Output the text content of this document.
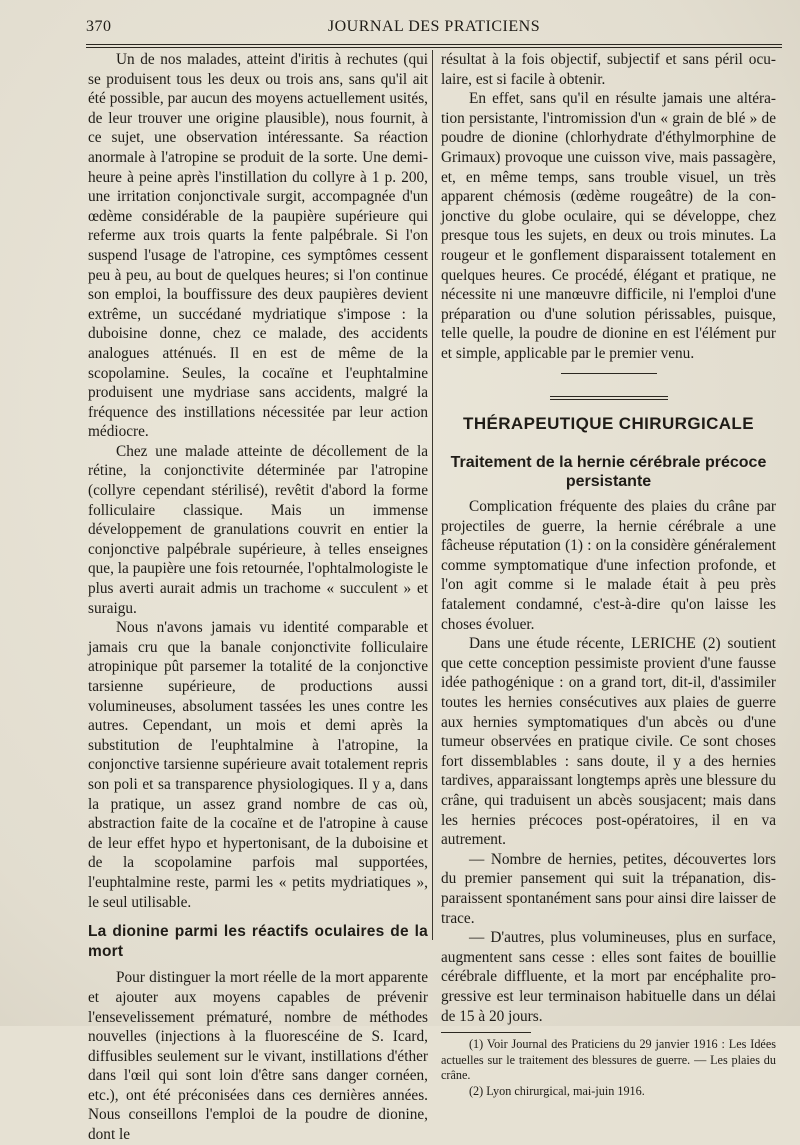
370	JOURNAL DES PRATICIENS

Un de nos malades, atteint d'iritis à rechutes (qui se produisent tous les deux ou trois ans, sans qu'il ait été possible, par aucun des moyens actuellement usités, de leur trouver une origine plausible), nous fournit, à ce sujet, une observation intéressante. Sa réaction anormale à l'atropine se produit de la sorte. Une demi-heure à peine après l'instillation du collyre à 1 p. 200, une irritation conjonctivale surgit, accompagnée d'un œdème considérable de la paupière supérieure qui referme aux trois quarts la fente palpébrale. Si l'on suspend l'usage de l'atropine, ces symptômes cessent peu à peu, au bout de quelques heures; si l'on continue son emploi, la bouffissure des deux paupières devient extrême, un succédané mydriatique s'impose : la duboisine donne, chez ce malade, des accidents analogues atténués. Il en est de même de la scopolamine. Seules, la cocaïne et l'euphtalmine produisent une mydriase sans accidents, malgré la fréquence des instillations nécessitée par leur action médiocre.

Chez une malade atteinte de décollement de la rétine, la conjonctivite déterminée par l'atropine (collyre cependant stérilisé), revêtit d'abord la forme folliculaire classique. Mais un immense développement de granulations couvrit en entier la conjonctive palpébrale supérieure, à telles enseignes que, la paupière une fois retournée, l'ophtalmologiste le plus averti aurait admis un trachome « succulent » et suraigu.

Nous n'avons jamais vu identité comparable et jamais cru que la banale conjonctivite folliculaire atropinique pût parsemer la totalité de la conjonctive tarsienne supérieure, de productions aussi volumineuses, absolument tassées les unes contre les autres. Cependant, un mois et demi après la substitution de l'euphtalmine à l'atropine, la conjonctive tarsienne supérieure avait totalement repris son poli et sa transparence physiologiques. Il y a, dans la pratique, un assez grand nombre de cas où, abstraction faite de la cocaïne et de l'atropine à cause de leur effet hypo et hypertonisant, de la duboisine et de la scopolamine parfois mal supportées, l'euphtalmine reste, parmi les « petits mydriatiques », le seul utilisable.

La dionine parmi les réactifs oculaires de la mort

Pour distinguer la mort réelle de la mort apparente et ajouter aux moyens capables de prévenir l'ensevelissement prématuré, nombre de méthodes nouvelles (injections à la fluorescéine de S. Icard, diffusibles seulement sur le vivant, instillations d'éther dans l'œil qui sont loin d'être sans danger cornéen, etc.), ont été préconisées dans ces dernières années. Nous conseillons l'emploi de la poudre de dionine, dont le

résultat à la fois objectif, subjectif et sans péril oculaire, est si facile à obtenir.

En effet, sans qu'il en résulte jamais une altération persistante, l'intromission d'un « grain de blé » de poudre de dionine (chlorhydrate d'éthylmorphine de Grimaux) provoque une cuisson vive, mais passagère, et, en même temps, sans trouble visuel, un très apparent chémosis (œdème rougeâtre) de la conjonctive du globe oculaire, qui se développe, chez presque tous les sujets, en deux ou trois minutes. La rougeur et le gonflement disparaissent totalement en quelques heures. Ce procédé, élégant et pratique, ne nécessite ni une manœuvre difficile, ni l'emploi d'une préparation ou d'une solution périssables, puisque, telle quelle, la poudre de dionine en est l'élément pur et simple, applicable par le premier venu.

THÉRAPEUTIQUE CHIRURGICALE
Traitement de la hernie cérébrale précoce persistante

Complication fréquente des plaies du crâne par projectiles de guerre, la hernie cérébrale a une fâcheuse réputation (1) : on la considère généralement comme symptomatique d'une infection profonde, et l'on agit comme si le malade était à peu près fatalement condamné, c'est-à-dire qu'on laisse les choses évoluer.

Dans une étude récente, LERICHE (2) soutient que cette conception pessimiste provient d'une fausse idée pathogénique : on a grand tort, dit-il, d'assimiler toutes les hernies consécutives aux plaies de guerre aux hernies symptomatiques d'un abcès ou d'une tumeur observées en pratique civile. Ce sont choses fort dissemblables : sans doute, il y a des hernies tardives, apparaissant longtemps après une blessure du crâne, qui traduisent un abcès sousjacent; mais dans les hernies précoces post-opératoires, il en va autrement.

— Nombre de hernies, petites, découvertes lors du premier pansement qui suit la trépanation, disparaissent spontanément sans pour ainsi dire laisser de trace.

— D'autres, plus volumineuses, plus en surface, augmentent sans cesse : elles sont faites de bouillie cérébrale diffluente, et la mort par encéphalite progressive est leur terminaison habituelle dans un délai de 15 à 20 jours.

(1) Voir Journal des Praticiens du 29 janvier 1916 : Les Idées actuelles sur le traitement des blessures de guerre. — Les plaies du crâne.

(2) Lyon chirurgical, mai-juin 1916.
